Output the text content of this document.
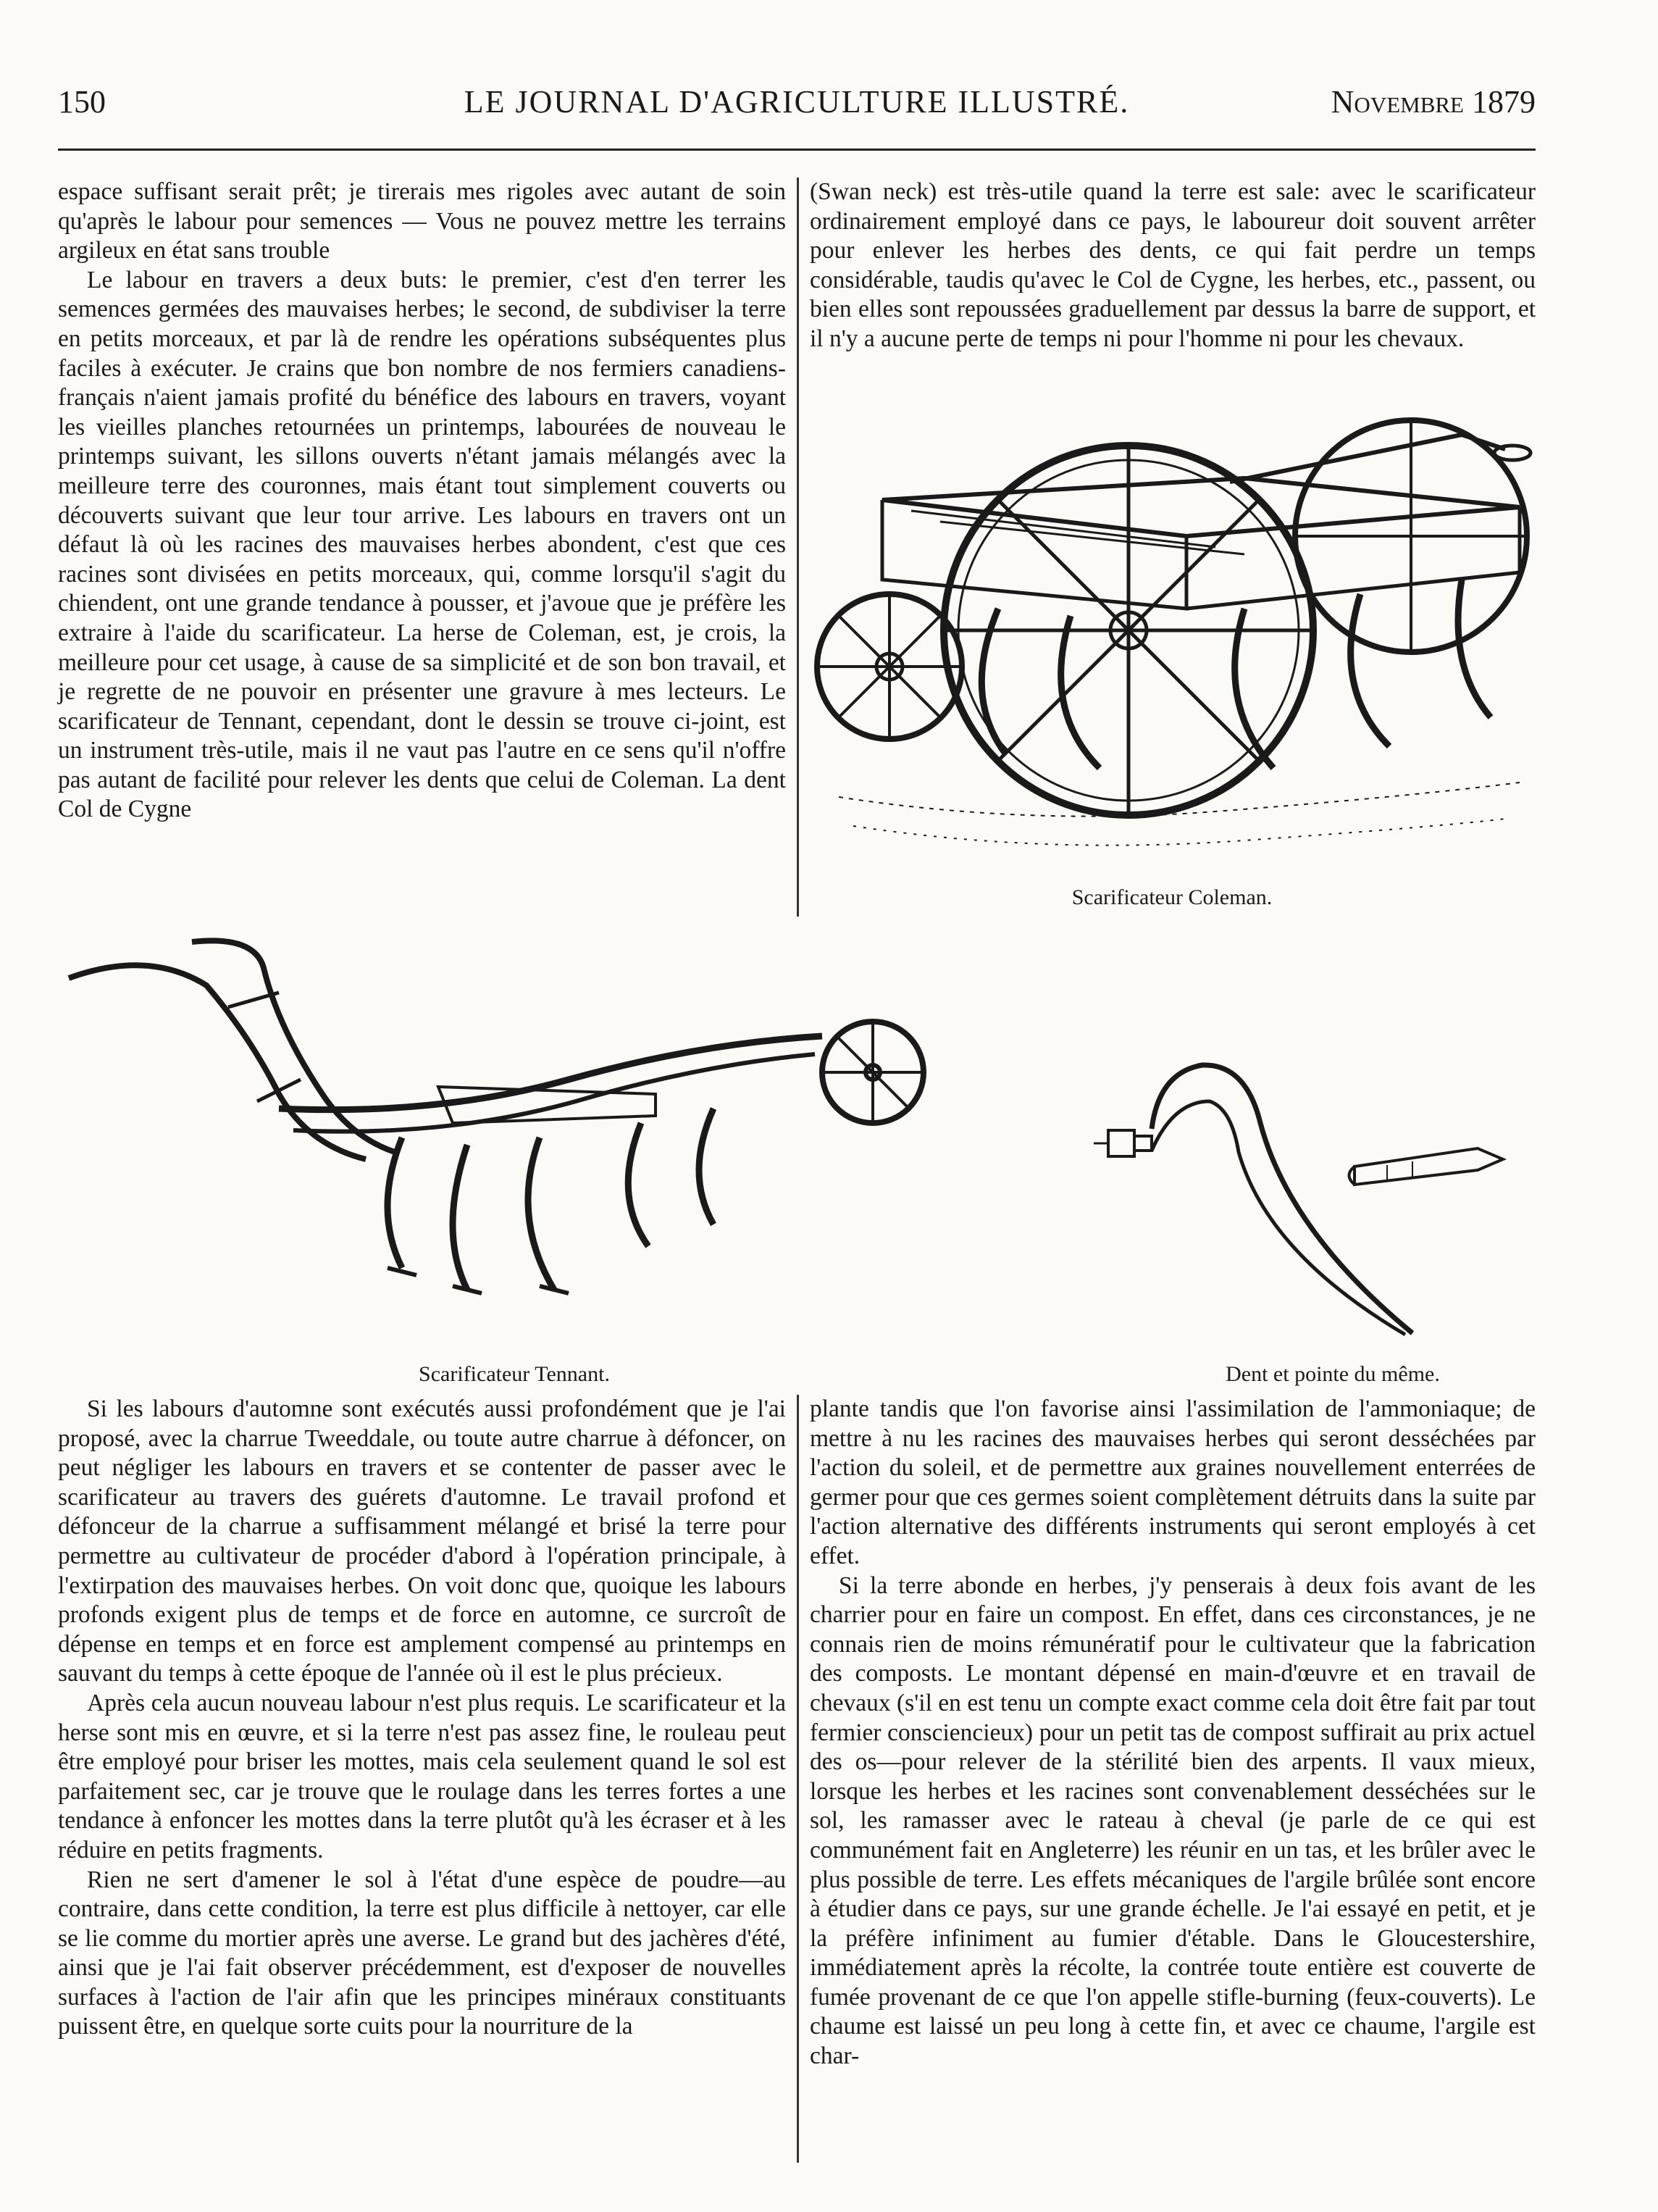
150	LE JOURNAL D'AGRICULTURE ILLUSTRÉ.	Novembre 1879

espace suffisant serait prêt; je tirerais mes rigoles avec autant de soin qu'après le labour pour semences — Vous ne pouvez mettre les terrains argileux en état sans trouble

Le labour en travers a deux buts: le premier, c'est d'en terrer les semences germées des mauvaises herbes; le second, de subdiviser la terre en petits morceaux, et par là de rendre les opérations subséquentes plus faciles à exécuter. Je crains que bon nombre de nos fermiers canadiens-français n'aient jamais profité du bénéfice des labours en travers, voyant les vieilles planches retournées un printemps, labourées de nouveau le printemps suivant, les sillons ouverts n'étant jamais mélangés avec la meilleure terre des couronnes, mais étant tout simplement couverts ou découverts suivant que leur tour arrive. Les labours en travers ont un défaut là où les racines des mauvaises herbes abondent, c'est que ces racines sont divisées en petits morceaux, qui, comme lorsqu'il s'agit du chiendent, ont une grande tendance à pousser, et j'avoue que je préfère les extraire à l'aide du scarificateur. La herse de Coleman, est, je crois, la meilleure pour cet usage, à cause de sa simplicité et de son bon travail, et je regrette de ne pouvoir en présenter une gravure à mes lecteurs. Le scarificateur de Tennant, cependant, dont le dessin se trouve ci-joint, est un instrument très-utile, mais il ne vaut pas l'autre en ce sens qu'il n'offre pas autant de facilité pour relever les dents que celui de Coleman. La dent Col de Cygne

(Swan neck) est très-utile quand la terre est sale: avec le scarificateur ordinairement employé dans ce pays, le laboureur doit souvent arrêter pour enlever les herbes des dents, ce qui fait perdre un temps considérable, taudis qu'avec le Col de Cygne, les herbes, etc., passent, ou bien elles sont repoussées graduellement par dessus la barre de support, et il n'y a aucune perte de temps ni pour l'homme ni pour les chevaux.

Scarificateur Coleman.
Scarificateur Tennant.	Dent et pointe du même.

Si les labours d'automne sont exécutés aussi profondément que je l'ai proposé, avec la charrue Tweeddale, ou toute autre charrue à défoncer, on peut négliger les labours en travers et se contenter de passer avec le scarificateur au travers des guérets d'automne. Le travail profond et défonceur de la charrue a suffisamment mélangé et brisé la terre pour permettre au cultivateur de procéder d'abord à l'opération principale, à l'extirpation des mauvaises herbes. On voit donc que, quoique les labours profonds exigent plus de temps et de force en automne, ce surcroît de dépense en temps et en force est amplement compensé au printemps en sauvant du temps à cette époque de l'année où il est le plus précieux.

Après cela aucun nouveau labour n'est plus requis. Le scarificateur et la herse sont mis en œuvre, et si la terre n'est pas assez fine, le rouleau peut être employé pour briser les mottes, mais cela seulement quand le sol est parfaitement sec, car je trouve que le roulage dans les terres fortes a une tendance à enfoncer les mottes dans la terre plutôt qu'à les écraser et à les réduire en petits fragments.

Rien ne sert d'amener le sol à l'état d'une espèce de poudre—au contraire, dans cette condition, la terre est plus difficile à nettoyer, car elle se lie comme du mortier après une averse. Le grand but des jachères d'été, ainsi que je l'ai fait observer précédemment, est d'exposer de nouvelles surfaces à l'action de l'air afin que les principes minéraux constituants puissent être, en quelque sorte cuits pour la nourriture de la

plante tandis que l'on favorise ainsi l'assimilation de l'ammoniaque; de mettre à nu les racines des mauvaises herbes qui seront desséchées par l'action du soleil, et de permettre aux graines nouvellement enterrées de germer pour que ces germes soient complètement détruits dans la suite par l'action alternative des différents instruments qui seront employés à cet effet.

Si la terre abonde en herbes, j'y penserais à deux fois avant de les charrier pour en faire un compost. En effet, dans ces circonstances, je ne connais rien de moins rémunératif pour le cultivateur que la fabrication des composts. Le montant dépensé en main-d'œuvre et en travail de chevaux (s'il en est tenu un compte exact comme cela doit être fait par tout fermier consciencieux) pour un petit tas de compost suffirait au prix actuel des os—pour relever de la stérilité bien des arpents. Il vaux mieux, lorsque les herbes et les racines sont convenablement desséchées sur le sol, les ramasser avec le rateau à cheval (je parle de ce qui est communément fait en Angleterre) les réunir en un tas, et les brûler avec le plus possible de terre. Les effets mécaniques de l'argile brûlée sont encore à étudier dans ce pays, sur une grande échelle. Je l'ai essayé en petit, et je la préfère infiniment au fumier d'étable. Dans le Gloucestershire, immédiatement après la récolte, la contrée toute entière est couverte de fumée provenant de ce que l'on appelle stifle-burning (feux-couverts). Le chaume est laissé un peu long à cette fin, et avec ce chaume, l'argile est char-
